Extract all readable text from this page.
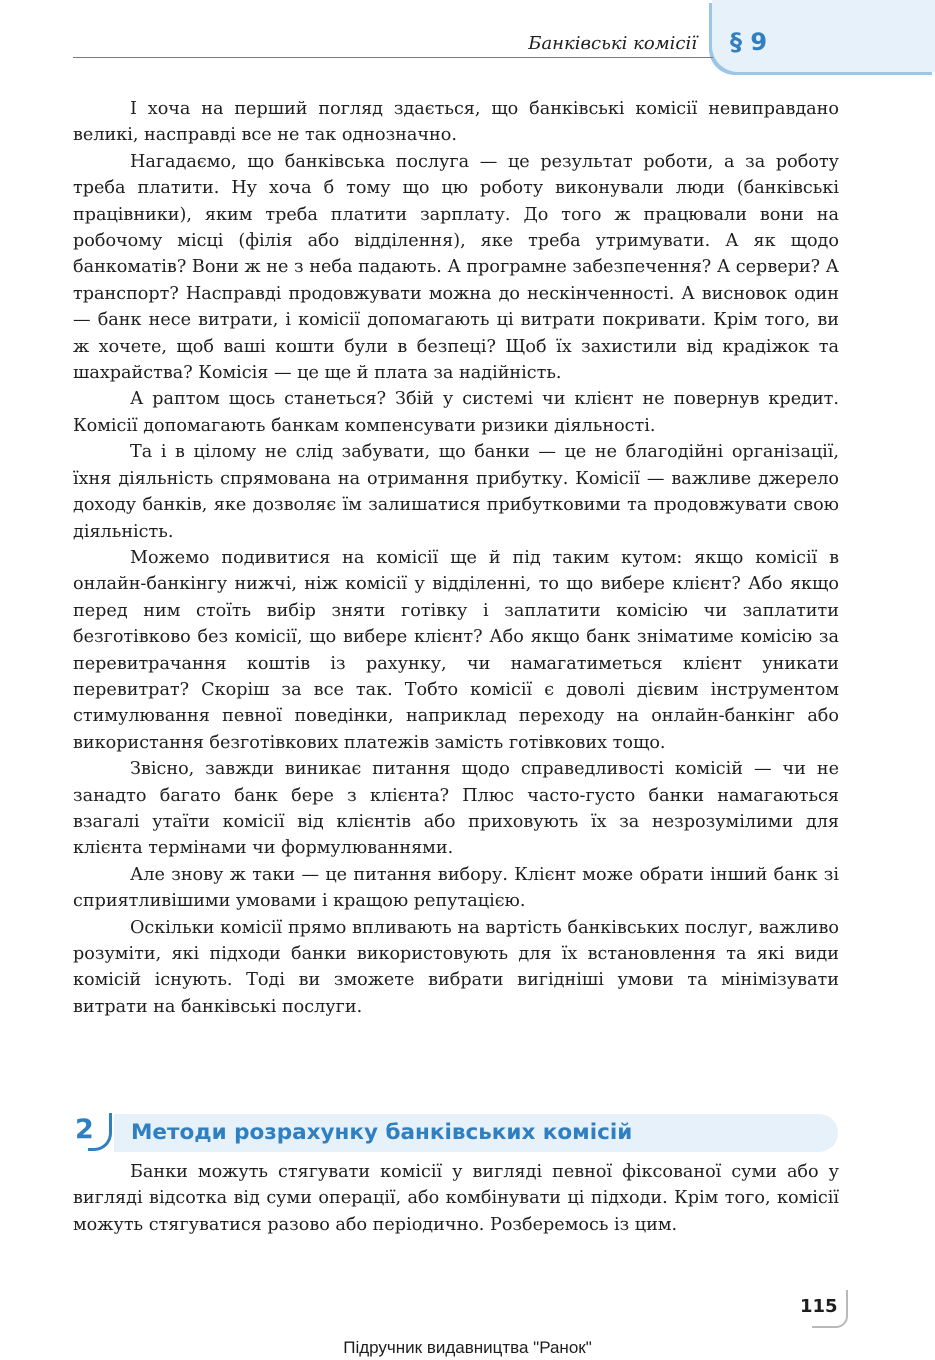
§ 9
Банківські комісії

І хоча на перший погляд здається, що банківські комісії невиправдано великі, насправді все не так однозначно.

Нагадаємо, що банківська послуга — це результат роботи, а за роботу треба платити. Ну хоча б тому що цю роботу виконували люди (банківські працівники), яким треба платити зарплату. До того ж працювали вони на робочому місці (філія або відділення), яке треба утримувати. А як щодо банкоматів? Вони ж не з неба падають. А програмне забезпечення? А сервери? А транспорт? Насправді продовжувати можна до нескінченності. А висновок один — банк несе витрати, і комісії допомагають ці витрати покривати. Крім того, ви ж хочете, щоб ваші кошти були в безпеці? Щоб їх захистили від крадіжок та шахрайства? Комісія — це ще й плата за надійність.

А раптом щось станеться? Збій у системі чи клієнт не повернув кредит. Комісії допомагають банкам компенсувати ризики діяльності.

Та і в цілому не слід забувати, що банки — це не благодійні організації, їхня діяльність спрямована на отримання прибутку. Комісії — важливе джерело доходу банків, яке дозволяє їм залишатися прибутковими та продовжувати свою діяльність.

Можемо подивитися на комісії ще й під таким кутом: якщо комісії в онлайн-банкінгу нижчі, ніж комісії у відділенні, то що вибере клієнт? Або якщо перед ним стоїть вибір зняти готівку і заплатити комісію чи заплатити безготівково без комісії, що вибере клієнт? Або якщо банк зніматиме комісію за перевитрачання коштів із рахунку, чи намагатиметься клієнт уникати перевитрат? Скоріш за все так. Тобто комісії є доволі дієвим інструментом стимулювання певної поведінки, наприклад переходу на онлайн-банкінг або використання безготівкових платежів замість готівкових тощо.

Звісно, завжди виникає питання щодо справедливості комісій — чи не занадто багато банк бере з клієнта? Плюс часто-густо банки намагаються взагалі утаїти комісії від клієнтів або приховують їх за незрозумілими для клієнта термінами чи формулюваннями.

Але знову ж таки — це питання вибору. Клієнт може обрати інший банк зі сприятливішими умовами і кращою репутацією.

Оскільки комісії прямо впливають на вартість банківських послуг, важливо розуміти, які підходи банки використовують для їх встановлення та які види комісій існують. Тоді ви зможете вибрати вигідніші умови та мінімізувати витрати на банківські послуги.

2 Методи розрахунку банківських комісій

Банки можуть стягувати комісії у вигляді певної фіксованої суми або у вигляді відсотка від суми операції, або комбінувати ці підходи. Крім того, комісії можуть стягуватися разово або періодично. Розберемось із цим.

115
Підручник видавництва "Ранок"
